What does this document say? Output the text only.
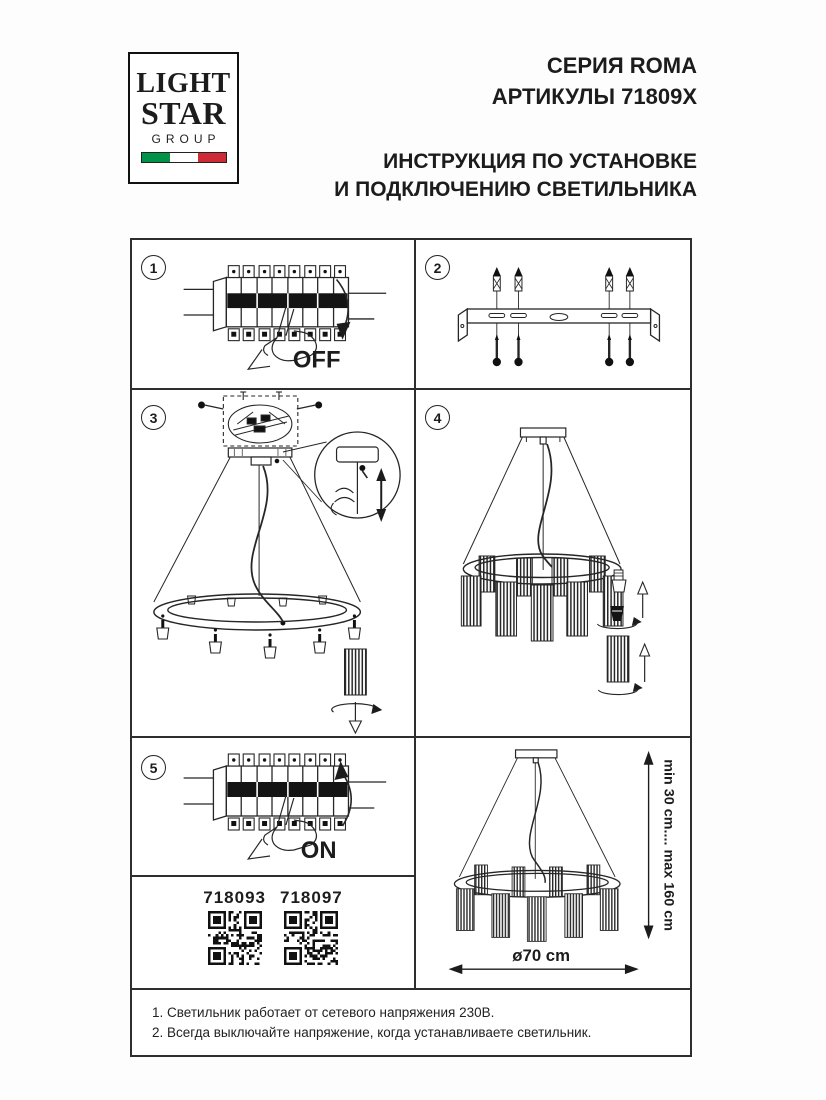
LIGHT
STAR
GROUP
СЕРИЯ ROMA
АРТИКУЛЫ 71809X
ИНСТРУКЦИЯ ПО УСТАНОВКЕ
И ПОДКЛЮЧЕНИЮ СВЕТИЛЬНИКА
1
OFF
2
3	4
5
ON
718093 718097	min 30 cm.... max 160 cm
ø70 cm
1. Светильник работает от сетевого напряжения 230В.
2. Всегда выключайте напряжение, когда устанавливаете светильник.
